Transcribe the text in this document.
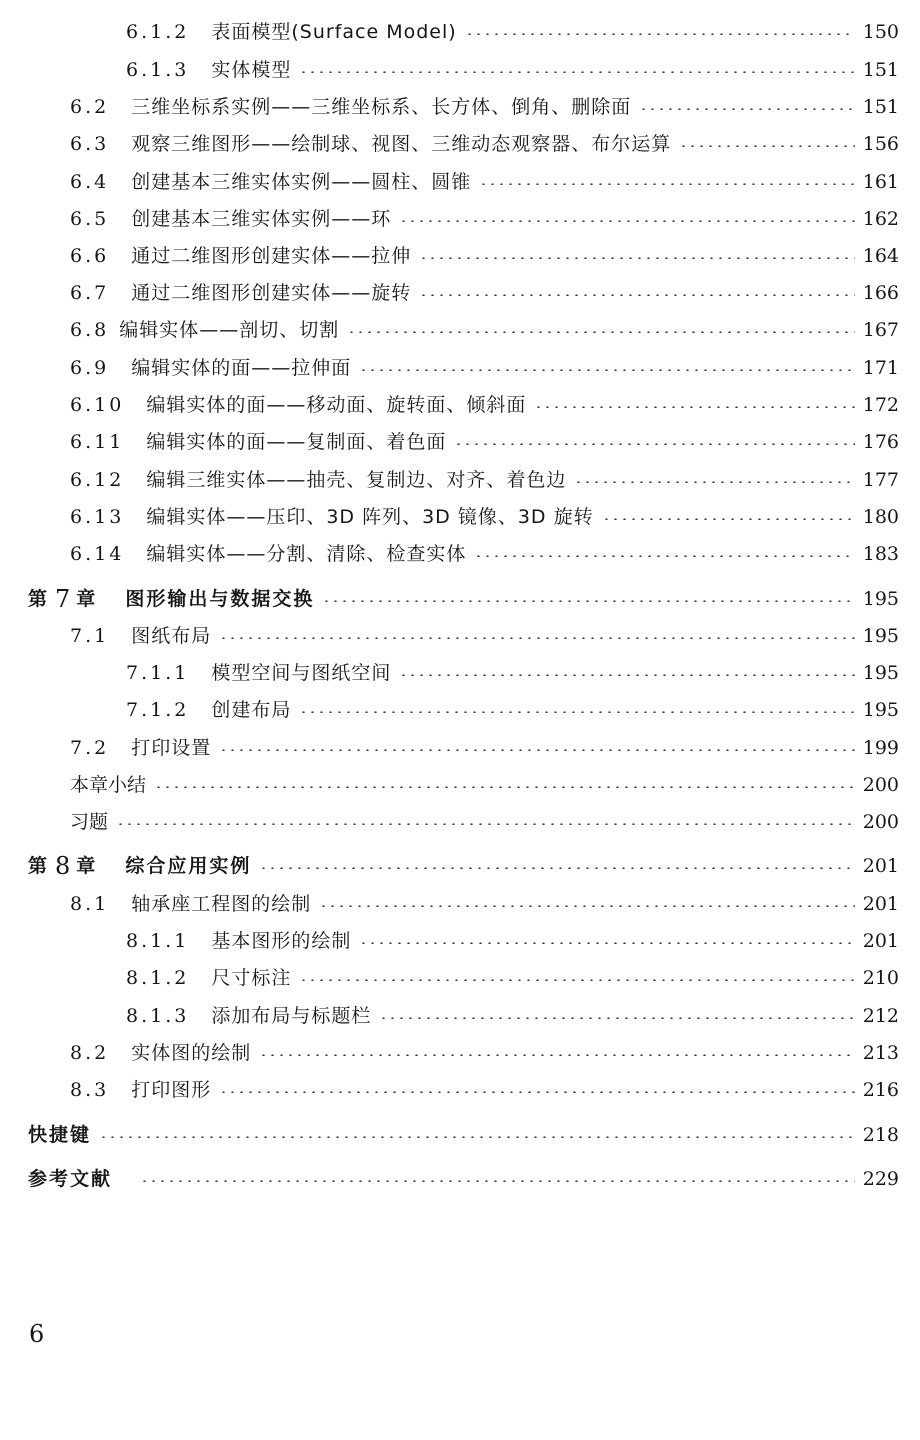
6.1.2 表面模型(Surface Model)	150
6.1.3 实体模型	151
6.2 三维坐标系实例——三维坐标系、长方体、倒角、删除面	151
6.3 观察三维图形——绘制球、视图、三维动态观察器、布尔运算	156
6.4 创建基本三维实体实例——圆柱、圆锥	161
6.5 创建基本三维实体实例——环	162
6.6 通过二维图形创建实体——拉伸	164
6.7 通过二维图形创建实体——旋转	166
6.8 编辑实体——剖切、切割	167
6.9 编辑实体的面——拉伸面	171
6.10 编辑实体的面——移动面、旋转面、倾斜面	172
6.11 编辑实体的面——复制面、着色面	176
6.12 编辑三维实体——抽壳、复制边、对齐、着色边	177
6.13 编辑实体——压印、3D 阵列、3D 镜像、3D 旋转	180
6.14 编辑实体——分割、清除、检查实体	183
第 7 章 图形输出与数据交换	195
7.1 图纸布局	195
7.1.1 模型空间与图纸空间	195
7.1.2 创建布局	195
7.2 打印设置	199
本章小结	200
习题	200
第 8 章 综合应用实例	201
8.1 轴承座工程图的绘制	201
8.1.1 基本图形的绘制	201
8.1.2 尺寸标注	210
8.1.3 添加布局与标题栏	212
8.2 实体图的绘制	213
8.3 打印图形	216
快捷键	218
参考文献	229
6
